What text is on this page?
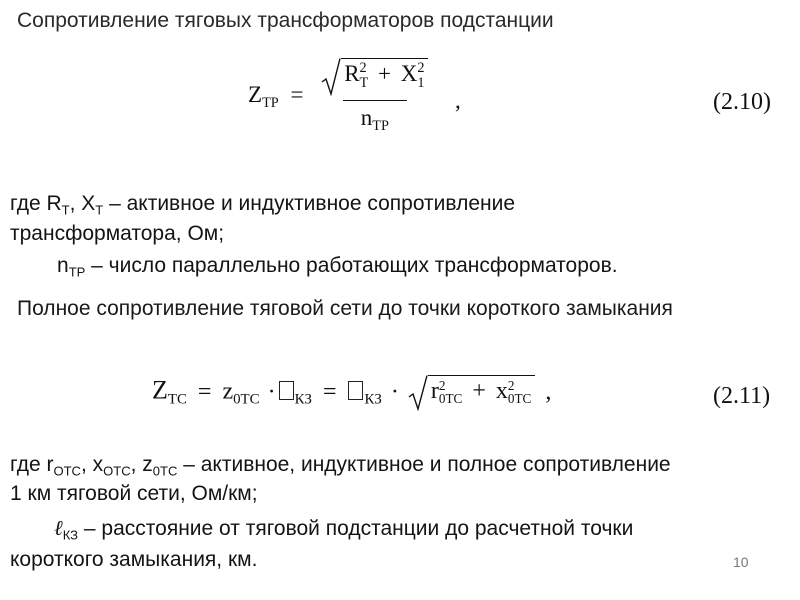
Сопротивление тяговых трансформаторов подстанции
$Z_{ТР} = R$ 2
Т + X 2
1
$n_{ТР}$ ,	(2.10)
где $R_Т$, $X_Т$ – активное и индуктивное сопротивление
трансформатора, Ом;
$n_{ТР}$ – число параллельно работающих трансформаторов.
Полное сопротивление тяговой сети до точки короткого замыкания
$Z_{ТС} = z_{0ТС} \cdot _{КЗ} = _{КЗ} \cdot r$ 2
0ТС + x 2
0ТС ,	(2.11)
где $r_{ОТС}$, $x_{ОТС}$, $z_{0ТС}$ – активное, индуктивное и полное сопротивление
1 км тяговой сети, Ом/км;
ℓ$_{КЗ}$ – расстояние от тяговой подстанции до расчетной точки
короткого замыкания, км.	10
